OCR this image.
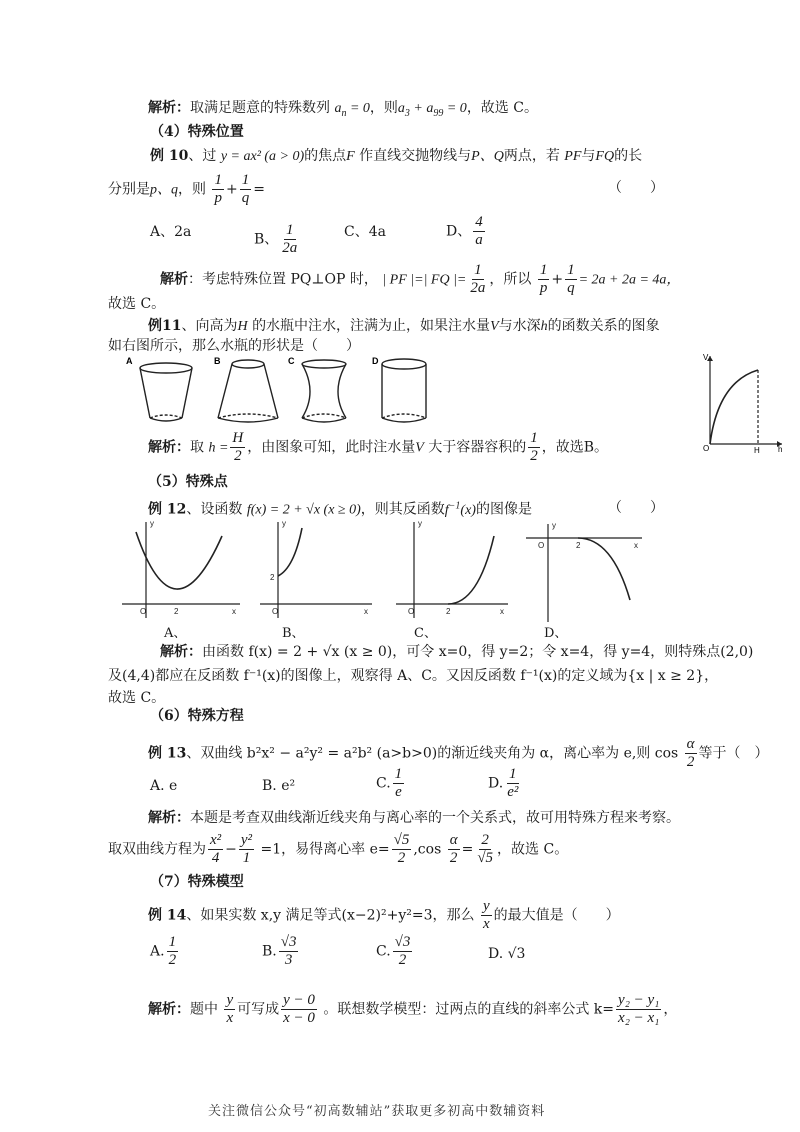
解析：取满足题意的特殊数列 $a_n = 0$，则$a_3 + a_{99} = 0$，故选 C。
（4）特殊位置
例 10、过 y = ax² (a > 0)的焦点F 作直线交抛物线与P、Q两点，若 PF与FQ的长
分别是p、q，则 $\frac{1}{p} + \frac{1}{q}$ =	（　　）
A、2a	B、 $\frac{1}{2a}$	C、4a	D、 $\frac{4}{a}$
解析：考虑特殊位置 PQ⊥OP 时， | PF |=| FQ |= $\frac{1}{2a}$ ，所以 $\frac{1}{p} + \frac{1}{q} = 2a + 2a = 4a$，
故选 C。
例11、向高为H 的水瓶中注水，注满为止，如果注水量V与水深h的函数关系的图象
如右图所示，那么水瓶的形状是（　　）
A	B	C	D	V
O	H h
解析：取 $h = \frac{H}{2}$ ，由图象可知，此时注水量V 大于容器容积的 $\frac{1}{2}$ ，故选B。
（5）特殊点
例 12、设函数 f(x) = 2 + √x (x ≥ 0)，则其反函数$f^{-1}(x)$的图像是	（　　）
O	2	x
y
O
2
x
y
O	2	x
y
O	2	x
y
A、	B、	C、	D、
解析：由函数 f(x) = 2 + √x (x ≥ 0)，可令 x=0，得 y=2；令 x=4，得 y=4，则特殊点(2,0)
及(4,4)都应在反函数 f⁻¹(x)的图像上，观察得 A、C。又因反函数 f⁻¹(x)的定义域为{x | x ≥ 2}，
故选 C。
（6）特殊方程
例 13、双曲线 b²x² − a²y² = a²b² (a>b>0)的渐近线夹角为 α，离心率为 e,则 $\cos \frac{\alpha}{2}$ 等于（　）
A. e	B. e²	C. $\frac{1}{e}$	D. $\frac{1}{\text{e²}}$
解析：本题是考查双曲线渐近线夹角与离心率的一个关系式，故可用特殊方程来考察。
取双曲线方程为 $\frac{\text{x²}}{4} - \frac{\text{y²}}{1} =1$，易得离心率 $e= \frac{√5}{2} ,\cos \frac{\alpha}{2} = \frac{2}{√5}$ ，故选 C。
（7）特殊模型
例 14、如果实数 x,y 满足等式(x−2)²+y²=3，那么 $\frac{y}{x}$ 的最大值是（　　）
A. $\frac{1}{2}$	B. $\frac{√3}{3}$	C. $\frac{√3}{2}$	D. √3
解析：题中 $\frac{y}{x}$ 可写成 $\frac{y - 0}{x - 0}$ 。联想数学模型：过两点的直线的斜率公式 $k= \frac{\text{y₂ − y₁}}{\text{x₂ − x₁}}$ ，
关注微信公众号“初高数辅站”获取更多初高中数辅资料
